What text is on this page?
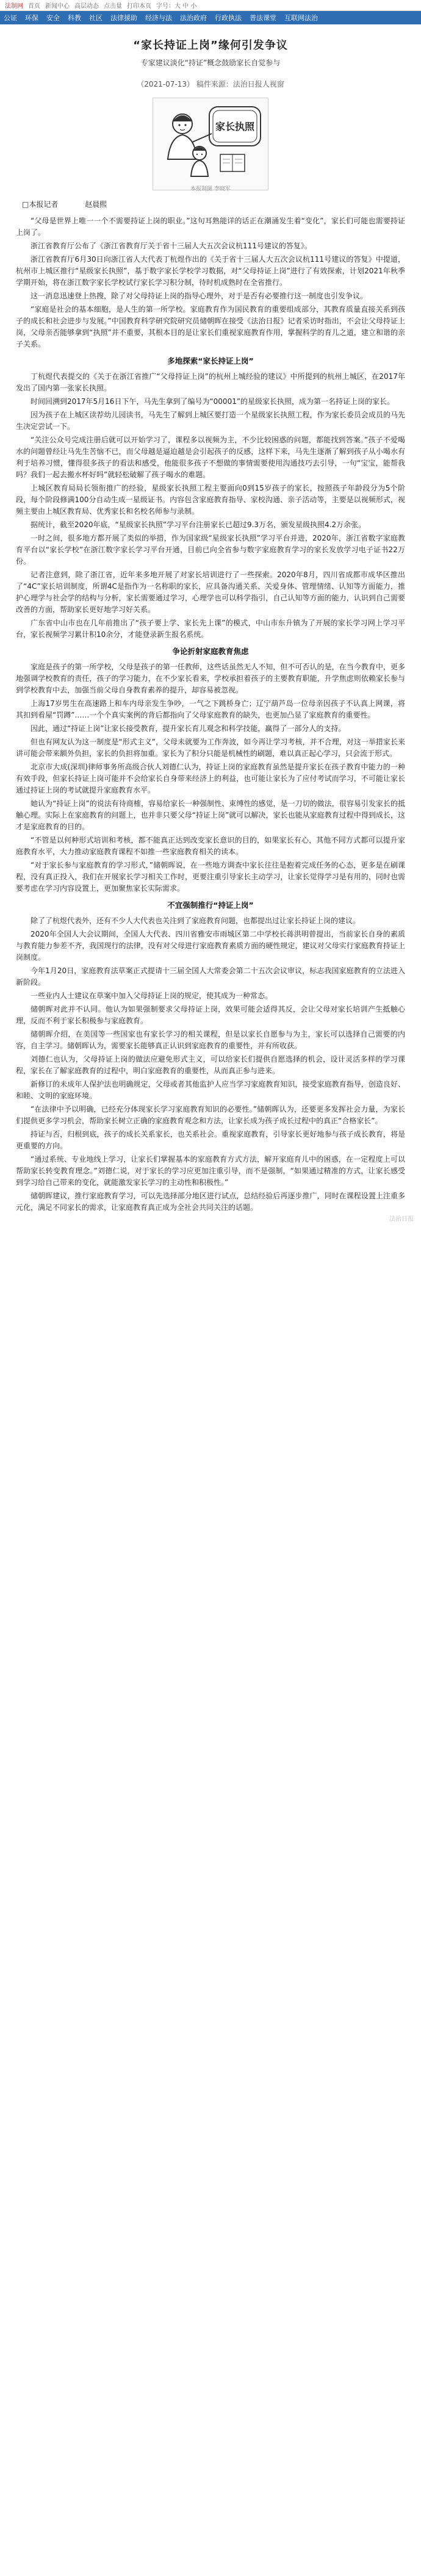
法制网 首页 新闻中心 高层动态 点击量 打印本页 字号：大 中 小
公证 环保 安全 科教 社区 法律援助 经济与法 法治政府 行政执法 普法课堂 互联网法治
“家长持证上岗”缘何引发争议
专家建议淡化“持证”概念鼓励家长自觉参与
（2021-07-13） 稿件来源：法治日报人视窗
家长执照
本报制图 李晓军
□本报记者	赵晨熙

“父母是世界上唯一一个不需要持证上岗的职业。”这句耳熟能详的话正在潮涌发生着“变化”，家长们可能也需要持证上岗了。

浙江省教育厅公布了《浙江省教育厅关于省十三届人大五次会议杭111号建议的答复》。

浙江省教育厅6月30日向浙江省人大代表丁杭煜作出的《关于省十三届人大五次会议杭111号建议的答复》中提道，杭州市上城区推行“星级家长执照”，基于数字家长学校学习数据，对“父母持证上岗”进行了有效探索，计划2021年秋季学期开始，将在浙江数字家长学校试行家长学习积分制，待时机成熟时在全省推行。

这一消息迅速登上热搜，除了对父母持证上岗的指导心理外，对于是否有必要推行这一制度也引发争议。

“家庭是社会的基本细胞，是人生的第一所学校。家庭教育作为国民教育的重要组成部分，其教育质量直接关系到孩子的成长和社会进步与发展。”中国教育科学研究院研究员储朝晖在接受《法治日报》记者采访时指出，不会让父母持证上岗，父母亲否能够拿到“执照”并不重要，其根本目的是让家长们重视家庭教育作用，掌握科学的育儿之道，建立和谐的亲子关系。

多地探索“家长持证上岗”

丁杭煜代表提交的《关于在浙江省推广“父母持证上岗”的杭州上城经验的建议》中所提到的杭州上城区，在2017年发出了国内第一张家长执照。

时间回溯到2017年5月16日下午，马先生拿到了编号为“00001”的星级家长执照，成为第一名持证上岗的家长。

因为孩子在上城区读荐幼儿园读书，马先生了解到上城区要打造一个星级家长执照工程，作为家长委员会成员的马先生决定尝试一下。

“关注公众号完成注册后就可以开始学习了，课程多以视频为主，不少比较困惑的问题，都能找到答案。”孩子不爱喝水的问题曾经让马先生苦恼不已，而父母越是逼迫越是会引起孩子的反感，这样下来，马先生逐渐了解到孩子从小喝水有利于培养习惯，懂得很多孩子的看法和感受，他能很多孩子不想做的事情需要使用沟通技巧去引导，一句“宝宝，能帮我吗？我们一起去搬水杯好吗”就轻松破解了孩子喝水的难题。

上城区教育局局长领衔推广的经验，星级家长执照工程主要面向0到15岁孩子的家长，按照孩子年龄段分为5个阶段，每个阶段修满100分自动生成一星级证书。内容包含家庭教育指导、家校沟通、亲子活动等，主要是以视频形式，视频主要由上城区教育局、优秀家长和名校名师参与录制。

据统计，截至2020年底，“星级家长执照”学习平台注册家长已超过9.3万名，颁发星级执照4.2万余张。

一时之间，很多地方都开展了类似的举措，作为国家级“星级家长执照”学习平台并进，2020年，浙江省数字家庭教育平台以“家长学校”在浙江数字家长学习平台开通，目前已向全省参与数字家庭教育学习的家长发放学习电子证书22万份。

记者注意到，除了浙江省，近年来多地开展了对家长培训进行了一些探索。2020年8月，四川省成都市成华区推出了“4C”家长培训制度，所谓4C是指作为一名称职的家长，应具备沟通关系、关爱身体、管理情绪、认知等方面能力，推护心理学与社会学的结构与分析，家长需要通过学习，心理学也可以科学指引，自己认知等方面的能力，认识到自己需要改善的方面，帮助家长更好地学习好关系。

广东省中山市也在几年前推出了“孩子要上学、家长先上课”的模式，中山市东升镇为了开展的家长学习网上学习平台，家长视频学习累计积10余分，才能登录新生报名系统。

争论折射家庭教育焦虑

家庭是孩子的第一所学校，父母是孩子的第一任教师，这些话虽然无人不知，但不可否认的是，在当今教育中，更多地强调学校教育的责任，孩子的学习能力，在不少家长看来，学校承担着孩子的主要教育职能，升学焦虑则依赖家长参与到学校教育中去，加强当前父母自身教育素养的提升，却容易被忽视。

上海17岁男生在高速路上和车内母亲发生争吵，一气之下跳桥身亡；辽宁葫芦岛一位母亲因孩子不认真上网课，将其扣到看屋“罚蹲”……一个个真实案例的背后都指向了父母家庭教育的缺失，也更加凸显了家庭教育的重要性。

因此，通过“持证上岗”让家长接受教育，提升家长育儿观念和科学技能，赢得了一部分人的支持。

但也有网友认为这一制度是“形式主义”，父母未就要为工作奔波，如今再让学习考核，并不合理，对这一举措家长来讲可能会带来额外负担，家长的负担将加重。家长为了积分只能是机械性的刷题，难以真正起心学习，只会流于形式。

北京市大成(深圳)律师事务所高级合伙人刘德仁认为，持证上岗的家庭教育虽然是提升家长在孩子教育中能力的一种有效手段，但家长持证上岗可能并不会给家长自身带来经济上的利益，也可能让家长为了应付考试而学习，不可能让家长通过持证上岗的考试就提升家庭教育水平。

她认为“持证上岗”的说法有待商榷，容易给家长一种强制性、束缚性的感觉，是一刀切的做法，很容易引发家长的抵触心理。实际上在家庭教育的问题上，也并非只要父母“持证上岗”就可以解决，家长也能从家庭教育过程中得到成长，这才是家庭教育的目的。

“不管是以何种形式培训和考核，都不能真正达到改变家长意识的目的，如果家长有心，其他不同方式都可以提升家庭教育水平，大力推动家庭教育课程不如推一些家庭教育相关的读本。

“对于家长参与家庭教育的学习形式，”储朝晖说，在一些地方调查中家长往往是抱着完成任务的心态，更多是在刷课程，没有真正投入，我们在开展家长学习相关工作时，更要注重引导家长主动学习，让家长觉得学习是有用的，同时也需要考虑在学习内容设置上，更加聚焦家长实际需求。

不宜强制推行“持证上岗”

除了了杭煜代表外，还有不少人大代表也关注到了家庭教育问题，也都提出过让家长持证上岗的建议。

2020年全国人大会议期间，全国人大代表、四川省雅安市雨城区第二中学校长蒋洪明曾提出，当前家长自身的素质与教育能力参差不齐，我国现行的法律，没有对父母进行家庭教育素质方面的硬性规定，建议对父母实行家庭教育持证上岗制度。

今年1月20日，家庭教育法草案正式提请十三届全国人大常委会第二十五次会议审议，标志我国家庭教育的立法进入新阶段。

一些业内人士建议在草案中加入父母持证上岗的规定，使其成为一种常态。

储朝晖对此并不认同。他认为如果强制要求父母持证上岗，效果可能会适得其反，会让父母对家长培训产生抵触心理，反而不利于家长积极参与家庭教育。

储朝晖介绍，在美国等一些国家也有家长学习的相关课程，但是以家长自愿参与为主，家长可以选择自己需要的内容，自主学习。储朝晖认为，需要家长能够真正认识到家庭教育的重要性，并有所收获。

刘德仁也认为，父母持证上岗的做法应避免形式主义，可以给家长们提供自愿选择的机会，设计灵活多样的学习课程，家长在了解家庭教育的过程中，明白家庭教育的重要性，从而真正参与进来。

新修订的未成年人保护法也明确规定，父母或者其他监护人应当学习家庭教育知识，接受家庭教育指导，创造良好、和睦、文明的家庭环境。

“在法律中予以明确，已经充分体现家长学习家庭教育知识的必要性。”储朝晖认为，还要更多发挥社会力量，为家长们提供更多学习机会，帮助家长树立正确的家庭教育观念和方法，让家长成为孩子成长过程中的真正“合格家长”。

持证与否，归根到底，孩子的成长关系家长，也关系社会。重视家庭教育，引导家长更好地参与孩子成长教育，将是更重要的方向。

“通过系统、专业地线上学习，让家长们掌握基本的家庭教育方式方法，解开家庭育儿中的困惑，在一定程度上可以帮助家长转变教育理念。”刘德仁说，对于家长的学习应更加注重引导，而不是强制，“如果通过精准的方式，让家长感受到学习给自己带来的变化，就能激发家长学习的主动性和积极性。”

储朝晖建议，推行家庭教育学习，可以先选择部分地区进行试点，总结经验后再逐步推广，同时在课程设置上注重多元化，满足不同家长的需求，让家庭教育真正成为全社会共同关注的话题。

法治日报
